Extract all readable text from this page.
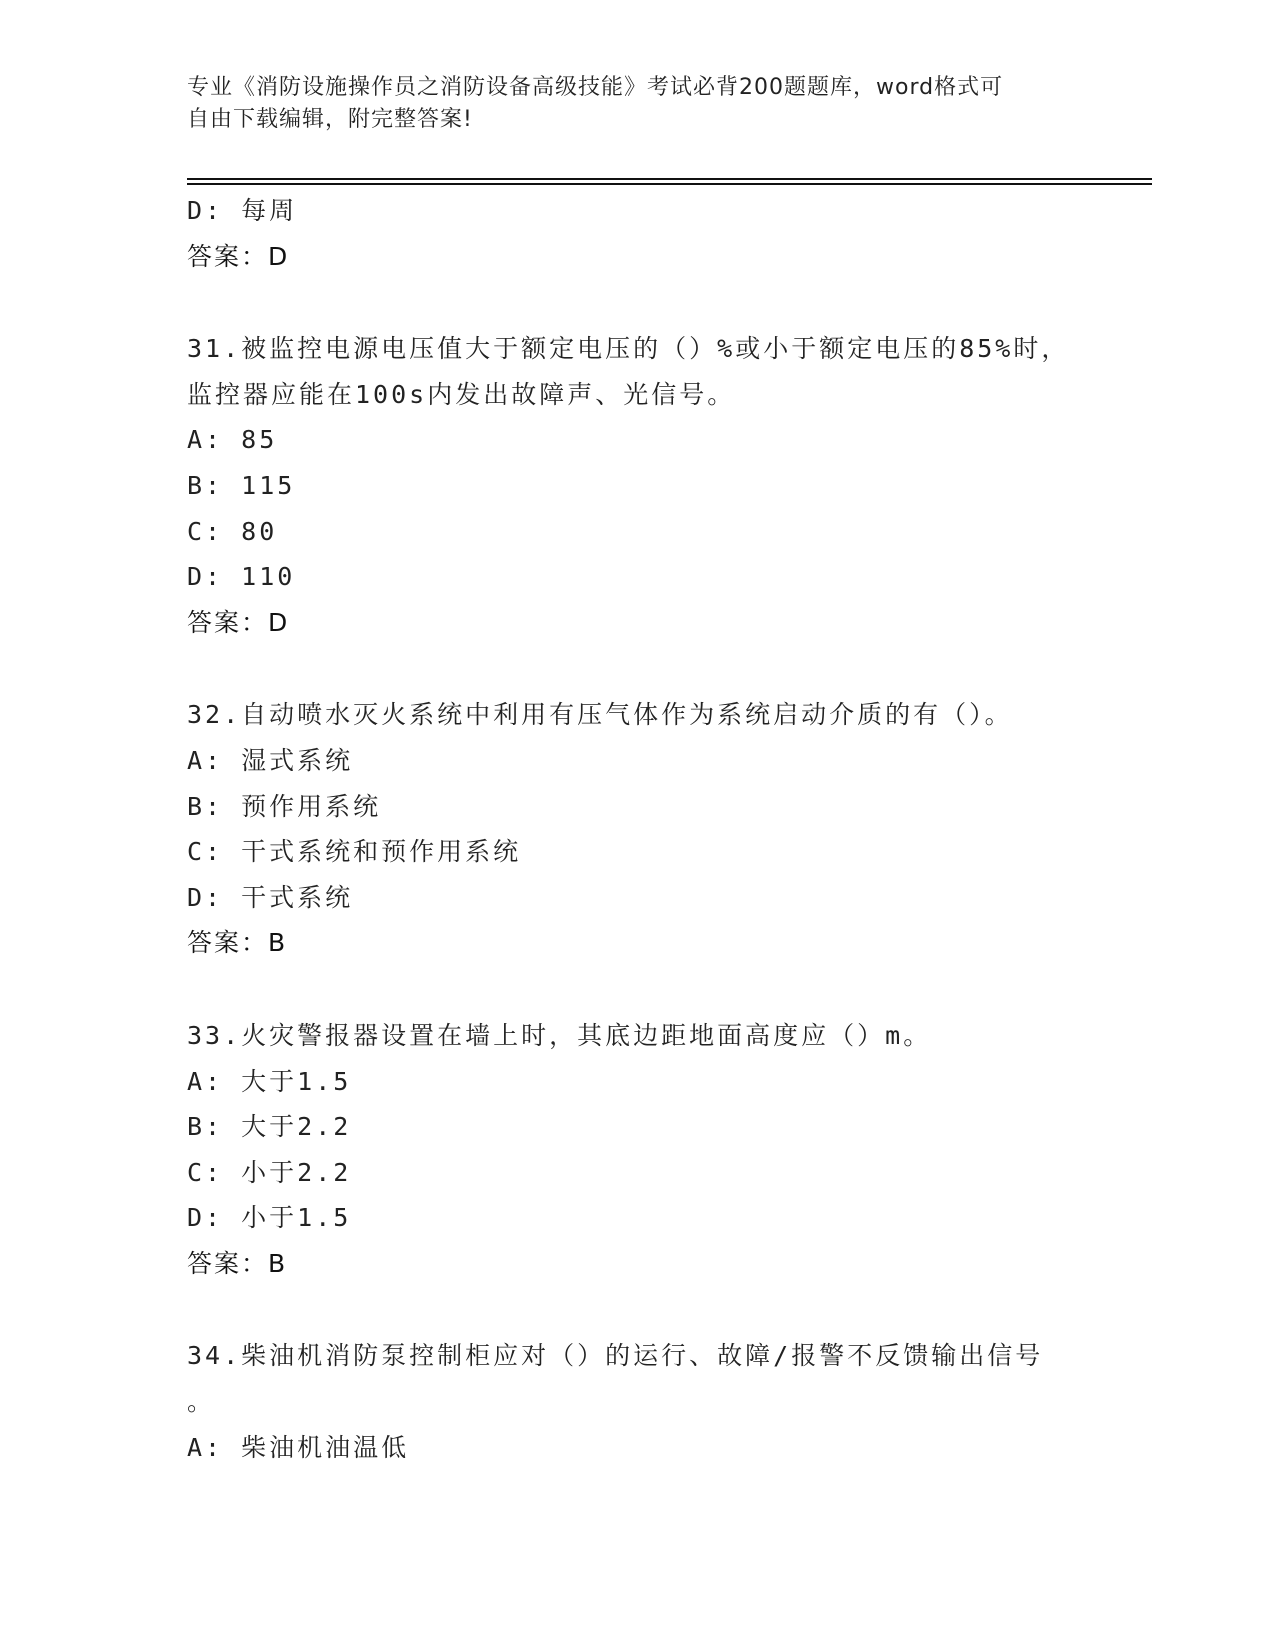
专业《消防设施操作员之消防设备高级技能》考试必背200题题库，word格式可
自由下载编辑，附完整答案!
D: 每周
答案：D
31.被监控电源电压值大于额定电压的（）%或小于额定电压的85%时，
监控器应能在100s内发出故障声、光信号。
A: 85
B: 115
C: 80
D: 110
答案：D
32.自动喷水灭火系统中利用有压气体作为系统启动介质的有（）。
A: 湿式系统
B: 预作用系统
C: 干式系统和预作用系统
D: 干式系统
答案：B
33.火灾警报器设置在墙上时，其底边距地面高度应（）m。
A: 大于1.5
B: 大于2.2
C: 小于2.2
D: 小于1.5
答案：B
34.柴油机消防泵控制柜应对（）的运行、故障/报警不反馈输出信号
。
A: 柴油机油温低
